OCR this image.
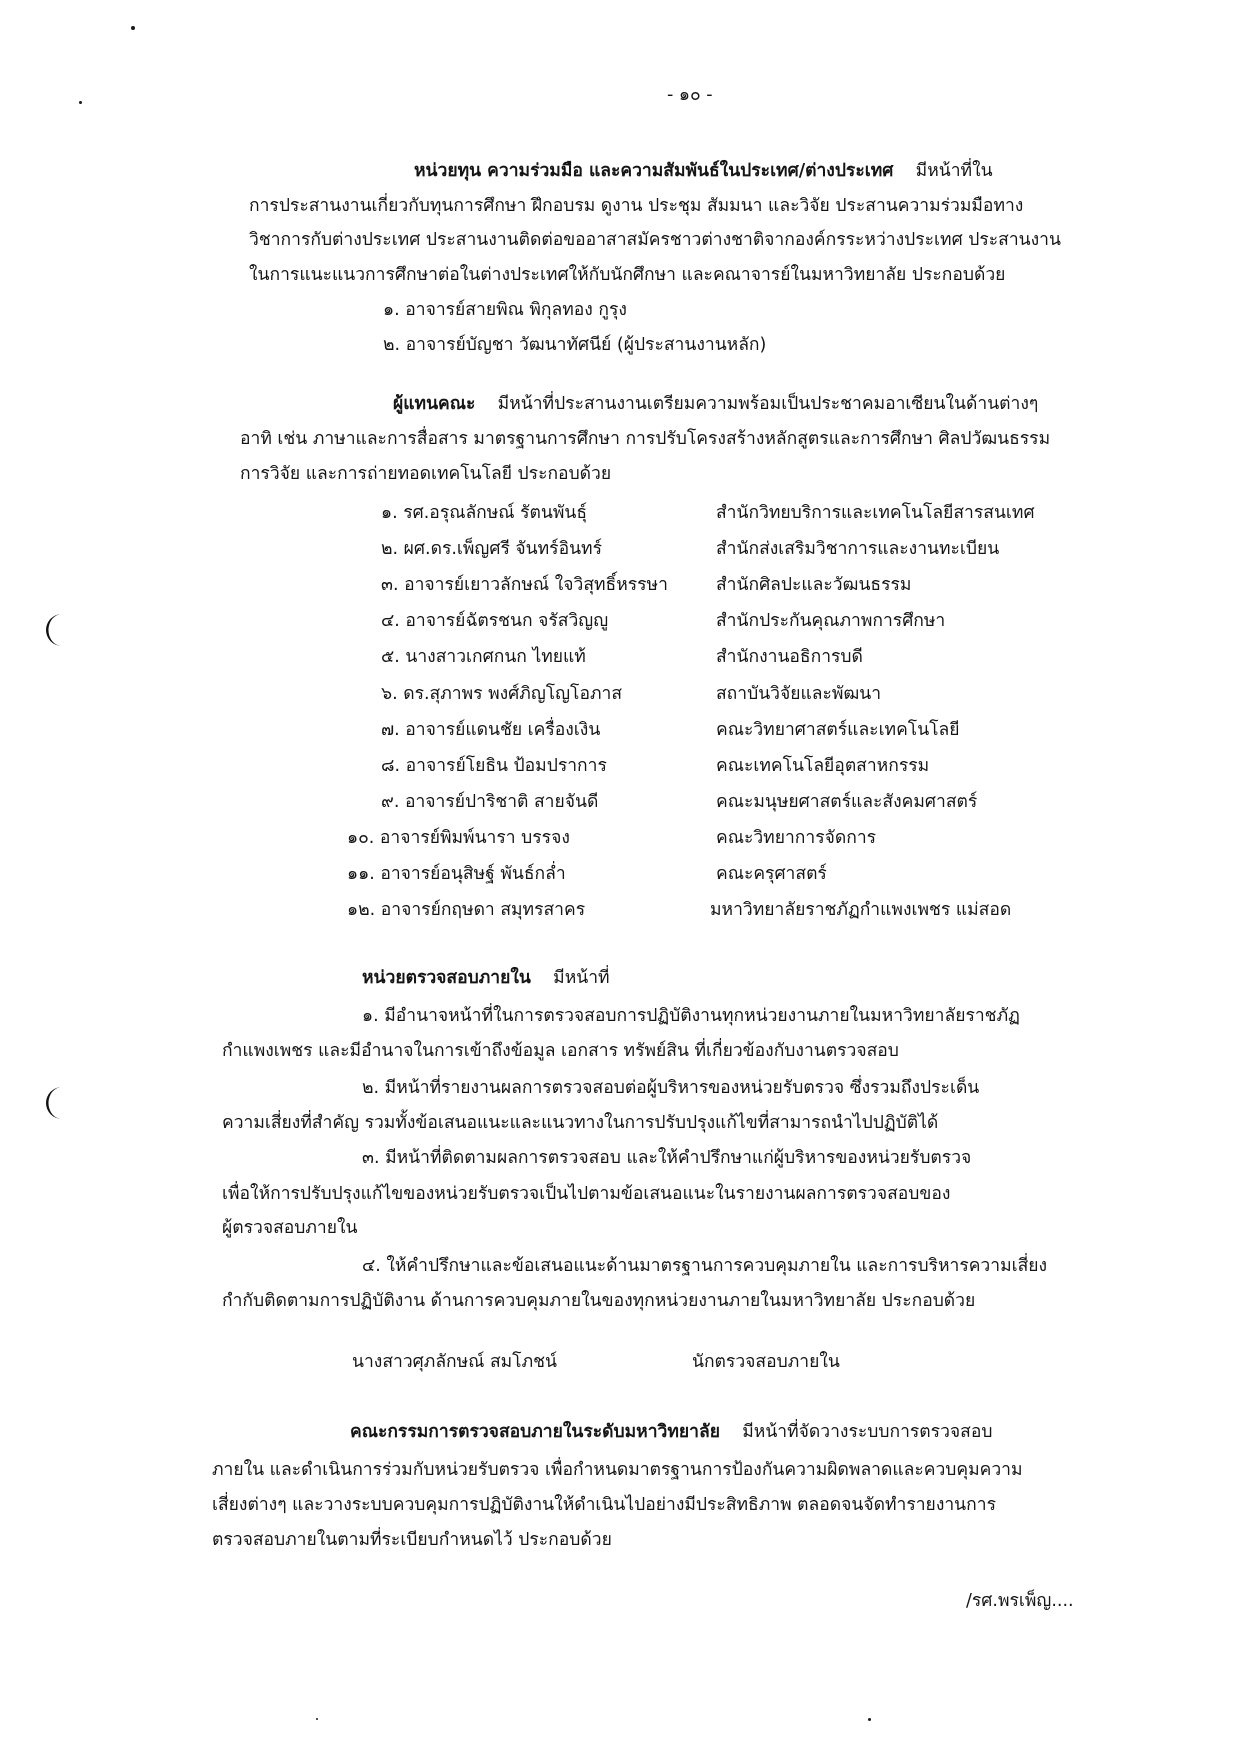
- ๑๐ -
หน่วยทุน ความร่วมมือ และความสัมพันธ์ในประเทศ/ต่างประเทศ มีหน้าที่ใน
การประสานงานเกี่ยวกับทุนการศึกษา ฝึกอบรม ดูงาน ประชุม สัมมนา และวิจัย ประสานความร่วมมือทาง
วิชาการกับต่างประเทศ ประสานงานติดต่อขออาสาสมัครชาวต่างชาติจากองค์กรระหว่างประเทศ ประสานงาน
ในการแนะแนวการศึกษาต่อในต่างประเทศให้กับนักศึกษา และคณาจารย์ในมหาวิทยาลัย ประกอบด้วย
๑. อาจารย์สายพิณ พิกุลทอง กูรุง
๒. อาจารย์บัญชา วัฒนาทัศนีย์ (ผู้ประสานงานหลัก)
ผู้แทนคณะ มีหน้าที่ประสานงานเตรียมความพร้อมเป็นประชาคมอาเซียนในด้านต่างๆ
อาทิ เช่น ภาษาและการสื่อสาร มาตรฐานการศึกษา การปรับโครงสร้างหลักสูตรและการศึกษา ศิลปวัฒนธรรม
การวิจัย และการถ่ายทอดเทคโนโลยี ประกอบด้วย
๑. รศ.อรุณลักษณ์ รัตนพันธุ์	สำนักวิทยบริการและเทคโนโลยีสารสนเทศ
๒. ผศ.ดร.เพ็ญศรี จันทร์อินทร์	สำนักส่งเสริมวิชาการและงานทะเบียน
๓. อาจารย์เยาวลักษณ์ ใจวิสุทธิ์หรรษา	สำนักศิลปะและวัฒนธรรม
๔. อาจารย์ฉัตรชนก จรัสวิญญู	สำนักประกันคุณภาพการศึกษา
๕. นางสาวเกศกนก ไทยแท้	สำนักงานอธิการบดี
๖. ดร.สุภาพร พงศ์ภิญโญโอภาส	สถาบันวิจัยและพัฒนา
๗. อาจารย์แดนชัย เครื่องเงิน	คณะวิทยาศาสตร์และเทคโนโลยี
๘. อาจารย์โยธิน ป้อมปราการ	คณะเทคโนโลยีอุตสาหกรรม
๙. อาจารย์ปาริชาติ สายจันดี	คณะมนุษยศาสตร์และสังคมศาสตร์
๑๐. อาจารย์พิมพ์นารา บรรจง	คณะวิทยาการจัดการ
๑๑. อาจารย์อนุสิษฐ์ พันธ์กล่ำ	คณะครุศาสตร์
๑๒. อาจารย์กฤษดา สมุทรสาคร	มหาวิทยาลัยราชภัฏกำแพงเพชร แม่สอด
หน่วยตรวจสอบภายใน มีหน้าที่
๑. มีอำนาจหน้าที่ในการตรวจสอบการปฏิบัติงานทุกหน่วยงานภายในมหาวิทยาลัยราชภัฏ
กำแพงเพชร และมีอำนาจในการเข้าถึงข้อมูล เอกสาร ทรัพย์สิน ที่เกี่ยวข้องกับงานตรวจสอบ
๒. มีหน้าที่รายงานผลการตรวจสอบต่อผู้บริหารของหน่วยรับตรวจ ซึ่งรวมถึงประเด็น
ความเสี่ยงที่สำคัญ รวมทั้งข้อเสนอแนะและแนวทางในการปรับปรุงแก้ไขที่สามารถนำไปปฏิบัติได้
๓. มีหน้าที่ติดตามผลการตรวจสอบ และให้คำปรึกษาแก่ผู้บริหารของหน่วยรับตรวจ
เพื่อให้การปรับปรุงแก้ไขของหน่วยรับตรวจเป็นไปตามข้อเสนอแนะในรายงานผลการตรวจสอบของ
ผู้ตรวจสอบภายใน
๔. ให้คำปรึกษาและข้อเสนอแนะด้านมาตรฐานการควบคุมภายใน และการบริหารความเสี่ยง
กำกับติดตามการปฏิบัติงาน ด้านการควบคุมภายในของทุกหน่วยงานภายในมหาวิทยาลัย ประกอบด้วย
นางสาวศุภลักษณ์ สมโภชน์	นักตรวจสอบภายใน
คณะกรรมการตรวจสอบภายในระดับมหาวิทยาลัย มีหน้าที่จัดวางระบบการตรวจสอบ
ภายใน และดำเนินการร่วมกับหน่วยรับตรวจ เพื่อกำหนดมาตรฐานการป้องกันความผิดพลาดและควบคุมความ
เสี่ยงต่างๆ และวางระบบควบคุมการปฏิบัติงานให้ดำเนินไปอย่างมีประสิทธิภาพ ตลอดจนจัดทำรายงานการ
ตรวจสอบภายในตามที่ระเบียบกำหนดไว้ ประกอบด้วย
/รศ.พรเพ็ญ....
